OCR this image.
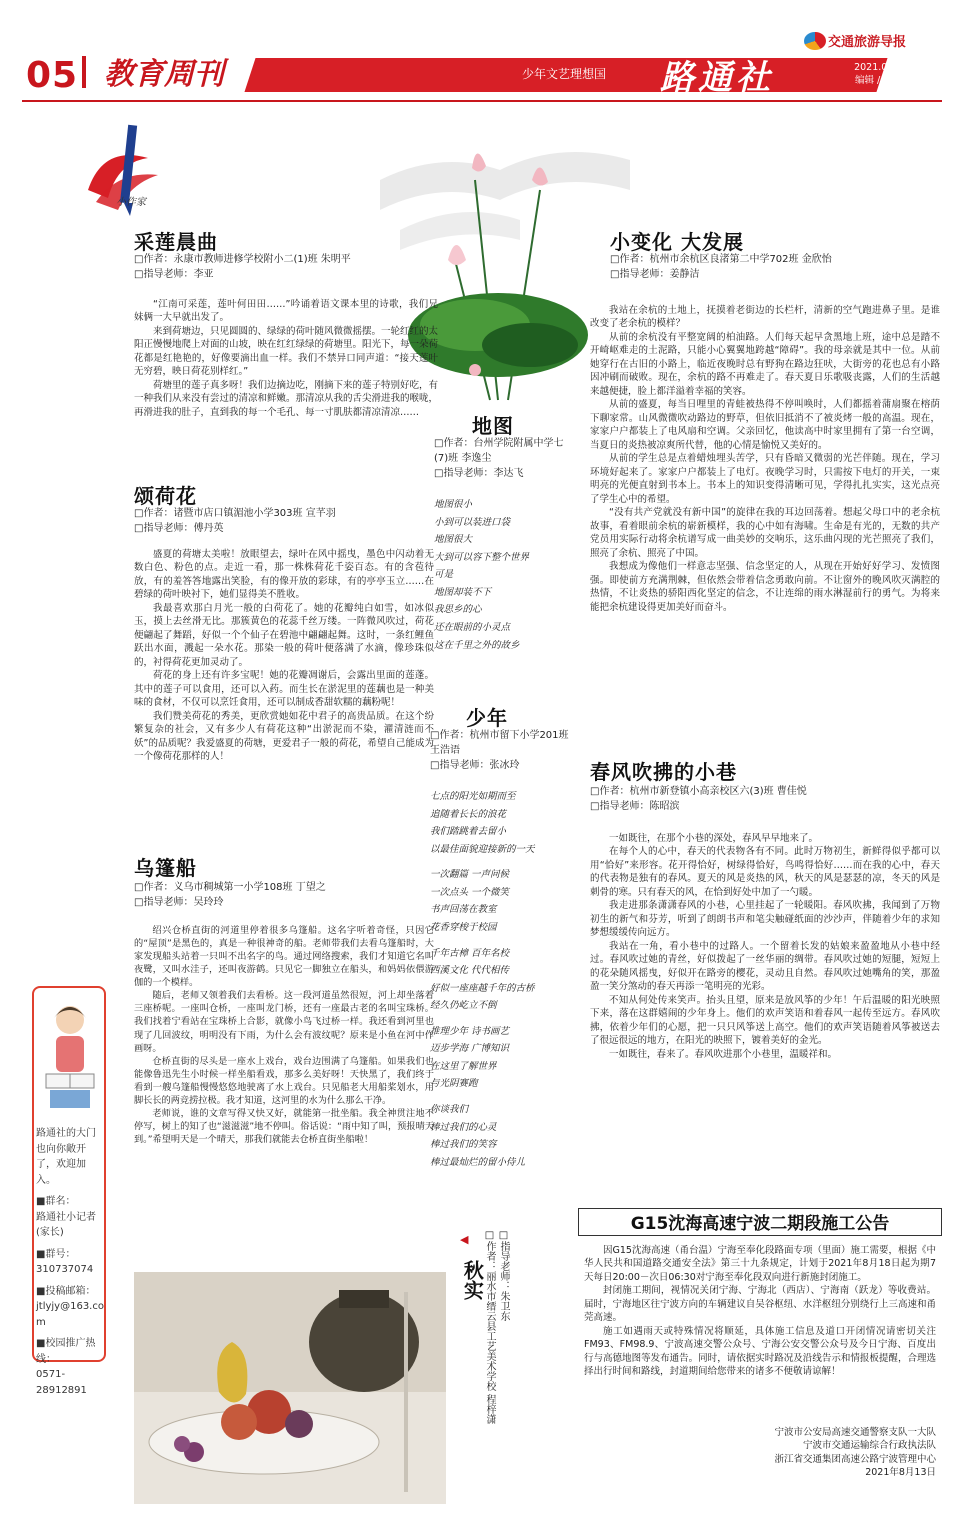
交通旅游导报
05 教育周刊	少年文艺理想国 路通社	2021.08.14 星期六
编辑 / 李若君 设计 / 施艺
小作家
采莲晨曲
□作者：永康市教师进修学校附小二(1)班 朱明平
□指导老师：李亚

“江南可采莲，莲叶何田田……”吟诵着语文课本里的诗歌，我们兄妹俩一大早就出发了。

来到荷塘边，只见圆圆的、绿绿的荷叶随风微微摇摆。一轮红红的太阳正慢慢地爬上对面的山坡，映在红红绿绿的荷塘里。阳光下，每一朵荷花都是红艳艳的，好像要滴出血一样。我们不禁异口同声道：“接天莲叶无穷碧，映日荷花别样红。”

荷塘里的莲子真多呀！我们边摘边吃，刚摘下来的莲子特别好吃，有一种我们从来没有尝过的清凉和鲜嫩。那清凉从我的舌尖滑进我的喉咙，再滑进我的肚子，直到我的每一个毛孔、每一寸肌肤都清凉清凉……

颂荷花
□作者：诸暨市店口镇湄池小学303班 宣芊羽
□指导老师：傅丹英

盛夏的荷塘太美啦！放眼望去，绿叶在风中摇曳，墨色中闪动着无数白色、粉色的点。走近一看，那一株株荷花千姿百态。有的含苞待放，有的羞答答地露出笑脸，有的像开放的彩球，有的亭亭玉立……在碧绿的荷叶映衬下，她们显得美不胜收。

我最喜欢那白月光一般的白荷花了。她的花瓣纯白如雪，如冰似玉，摸上去丝滑无比。那簇黄色的花蕊千丝万缕。一阵微风吹过，荷花便翩起了舞蹈，好似一个个仙子在碧池中翩翩起舞。这时，一条红鲤鱼跃出水面，溅起一朵水花。那染一般的荷叶便落满了水滴，像珍珠似的，衬得荷花更加灵动了。

荷花的身上还有许多宝呢！她的花瓣凋谢后，会露出里面的莲蓬。其中的莲子可以食用，还可以入药。而生长在淤泥里的莲藕也是一种美味的食材，不仅可以烹饪食用，还可以制成香甜软糯的藕粉呢！

我们赞美荷花的秀美，更欣赏她如花中君子的高贵品质。在这个纷繁复杂的社会，又有多少人有荷花这种“出淤泥而不染，濯清涟而不妖”的品质呢？我爱盛夏的荷塘，更爱君子一般的荷花，希望自己能成为一个像荷花那样的人！

乌篷船
□作者：义乌市稠城第一小学108班 丁望之
□指导老师：吴玲玲

绍兴仓桥直街的河道里停着很多乌篷船。这名字听着奇怪，只因它的“屋顶”是黑色的，真是一种很神奇的船。老师带我们去看乌篷船时，大家发现船头站着一只叫不出名字的鸟。通过网络搜索，我们才知道它名叫夜鹭，又叫水洼子，还叫夜游鹤。只见它一脚独立在船头，和妈妈依偎游伽的一个模样。

随后，老师又领着我们去看桥。这一段河道虽然很短，河上却坐落着三座桥呢。一座叫仓桥，一座叫龙门桥，还有一座最古老的名叫宝珠桥。我们找着宁看站在宝珠桥上合影，就像小鸟飞过桥一样。我还看到河里也现了几回波纹，明明没有下雨，为什么会有波纹呢？原来是小鱼在河中作画呀。

仓桥直街的尽头是一座水上戏台，戏台边围满了乌篷船。如果我们也能像鲁迅先生小时候一样坐船看戏，那多么美好呀！天快黑了，我们终于看到一艘乌篷船慢慢悠悠地驶离了水上戏台。只见船老大用船桨划水，用脚长长的两竞捞拉极。我才知道，这河里的水为什么那么干净。

老师说，谁的文章写得又快又好，就能第一批坐船。我全神贯注地不停写，树上的知了也“滋滋滋”地不停叫。俗话说：“雨中知了叫，预报晴天到。”希望明天是一个晴天，那我们就能去仓桥直街坐船啦！

地图
□作者：台州学院附属中学七(7)班 李逸尘
□指导老师：李达飞
地图很小
小到可以装进口袋
地图很大
大到可以容下整个世界
可是
地图却装不下
我思乡的心
还在眼前的小灵点
这在千里之外的故乡
少年
□作者：杭州市留下小学201班 王浩语
□指导老师：张冰玲
七点的阳光如期而至
追随着长长的浪花
我们踏跳着去留小
以最佳面貌迎接新的一天
一次翻篇 一声问候
一次点头 一个微笑
书声回荡在教室
花香穿梭于校园
千年古樟 百年名校
西溪文化 代代相传
好似一座座越千年的古桥
经久仍屹立不倒
推理少年 诗书画艺
迈步学海 广博知识
在这里了解世界
与光阴赛跑
你谈我们
棒过我们的心灵
棒过我们的笑容
棒过最灿烂的留小侍儿
小变化 大发展
□作者：杭州市余杭区良渚第二中学702班 金欣怡
□指导老师：姜静洁

我站在余杭的土地上，抚摸着老街边的长栏杆，清新的空气跑进鼻子里。是谁改变了老余杭的模样？

从前的余杭没有平整宽阔的柏油路。人们每天起早贪黑地上班，途中总是踏不开崎岖难走的土泥路，只能小心翼翼地跨越“障碍”。我的母亲就是其中一位。从前她穿行在古旧的小路上，临近夜晚时总有野狗在路边狂吠，大街旁的花也总有小路因冲刷而破败。现在，余杭的路不再难走了。春天夏日乐歌吸丧露，人们的生活越来越便捷，脸上都洋溢着幸福的笑容。

从前的盛夏，每当日哩里的青蛙被热得不停叫唤时，人们都摇着蒲扇聚在榕荫下聊家常。山风微微吹动路边的野草，但依旧抵消不了被炎烤一般的高温。现在，家家户户都装上了电风扇和空调。父亲回忆，他读高中时家里拥有了第一台空调，当夏日的炎热被凉爽所代替，他的心情是愉悦又美好的。

从前的学生总是点着蜡烛埋头苦学，只有昏暗又微弱的光芒伴随。现在，学习环境好起来了。家家户户都装上了电灯。夜晚学习时，只需按下电灯的开关，一束明亮的光便直射到书本上。书本上的知识变得清晰可见，学得扎扎实实，这光点亮了学生心中的希望。

“没有共产党就没有新中国”的旋律在我的耳边回荡着。想起父母口中的老余杭故事，看着眼前余杭的崭新模样，我的心中如有海啸。生命是有光的，无数的共产党员用实际行动将余杭谱写成一曲美妙的交响乐，这乐曲闪现的光芒照亮了我们，照亮了余杭、照亮了中国。

我想成为像他们一样意志坚强、信念坚定的人，从现在开始好好学习、发愤图强。即使前方充满荆棘，但依然会带着信念勇敢向前。不让窗外的晚风吹灭满腔的热情，不让炎热的骄阳西化坚定的信念，不让连绵的雨水淋湿前行的勇气。为将来能把余杭建设得更加美好而奋斗。

春风吹拂的小巷
□作者：杭州市新登镇小高亲校区六(3)班 曹佳悦
□指导老师：陈昭滨

一如既往，在那个小巷的深处，春风早早地来了。

在每个人的心中，春天的代表物各有不同。此时万物初生，新鲜得似乎都可以用“恰好”来形容。花开得恰好，树绿得恰好，鸟鸣得恰好……而在我的心中，春天的代表物是独有的春风。夏天的风是炎热的风，秋天的风是瑟瑟的凉，冬天的风是刺骨的寒。只有春天的风，在恰到好处中加了一勺暖。

我走进那条潇潇春风的小巷，心里挂起了一轮暖阳。春风吹拂，我闻到了万物初生的新气和芬芳，听到了朗朗书声和笔尖触碰纸面的沙沙声，伴随着少年的求知梦想缓缓传向远方。

我站在一角，看小巷中的过路人。一个留着长发的姑娘来盈盈地从小巷中经过。春风吹过她的青丝，好似拨起了一丝华丽的绸带。春风吹过她的短腿，短短上的花朵随风摇曳，好似开在路旁的樱花，灵动且自然。春风吹过她嘴角的笑，那盈盈一笑分煞动的春天再添一笔明亮的光彩。

不知从何处传来笑声。抬头且望，原来是放风筝的少年！午后温暖的阳光映照下来，落在这群嬉闹的少年身上。他们的欢声笑语和着春风一起传至远方。春风吹拂，依着少年们的心愿，把一只只风筝送上高空。他们的欢声笑语随着风筝被送去了很远很远的地方，在阳光的映照下，镀着美好的金光。

一如既往，春来了。春风吹进那个小巷里，温暖祥和。

路通社的大门也向你敞开了，欢迎加入。
■群名：
路通社小记者(家长)
■群号：
310737074
■投稿邮箱：
jtlyjy@163.com
■校园推广热线：
0571-28912891
◀
秋实 □指导老师：朱卫东
□作者：丽水市缙云县工艺美术学校 程梓潇
G15沈海高速宁波二期段施工公告

因G15沈海高速（甬台温）宁海至奉化段路面专项（里面）施工需要，根据《中华人民共和国道路交通安全法》第三十九条规定，计划于2021年8月18日起为期7天每日20:00－次日06:30对宁海至奉化段双向进行新施封闭施工。

封闭施工期间，视情况关闭宁海、宁海北（西店）、宁海南（跃龙）等收费站。届时，宁海地区往宁波方向的车辆建议自吴谷枢纽、水洋枢纽分别绕行上三高速和甬莞高速。

施工如遇雨天或特殊情况将顺延，具体施工信息及道口开闭情况请密切关注FM93、FM98.9、宁波高速交警公众号、宁海公安交警公众号及今日宁海、百度出行与高德地图等发布通告。同时，请依据实时路况及沿线告示和情报板提醒，合理选择出行时间和路线，封道期间给您带来的诸多不便敬请谅解！

宁波市公安局高速交通警察支队一大队
宁波市交通运输综合行政执法队
浙江省交通集团高速公路宁波管理中心
2021年8月13日
